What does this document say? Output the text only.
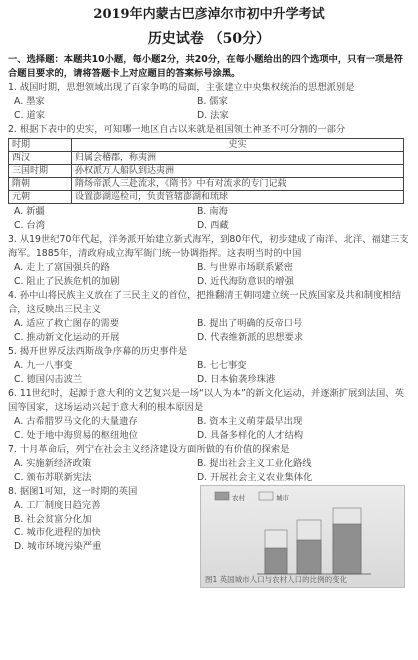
2019年内蒙古巴彦淖尔市初中升学考试
历史试卷 （50分）
一、选择题：本题共10小题，每小题2分，共20分，在每小题给出的四个选项中，只有一项是符合题目要求的，请将答题卡上对应题目的答案标号涂黑。
1. 战国时期，思想领域出现了百家争鸣的局面，主张建立中央集权统治的思想派别是
A. 墨家	B. 儒家
C. 道家	D. 法家
2. 根据下表中的史实，可知哪一地区自古以来就是祖国领土神圣不可分割的一部分
时期	史实
西汉	归属会稽郡，称夷洲
三国时期	孙权派万人船队到达夷洲
隋朝	隋炀帝派人三赴流求，《隋书》中有对流求的专门记载
元朝	设置澎湖巡检司，负责管辖澎湖和琉球
A. 新疆	B. 南海
C. 台湾	D. 西藏
3. 从19世纪70年代起，洋务派开始建立新式海军，到80年代，初步建成了南洋、北洋、福建三支海军。1885年，清政府成立海军衙门统一协调指挥。这表明当时的中国
A. 走上了富国强兵的路	B. 与世界市场联系紧密
C. 阻止了民族危机的加剧	D. 近代海防意识的增强
4. 孙中山将民族主义放在了三民主义的首位，把推翻清王朝同建立统一民族国家及共和制度相结合，这反映出三民主义
A. 适应了救亡图存的需要	B. 提出了明确的反帝口号
C. 推动新文化运动的开展	D. 代表维新派的思想要求
5. 揭开世界反法西斯战争序幕的历史事件是
A. 九一八事变	B. 七七事变
C. 德国闪击波兰	D. 日本偷袭珍珠港
6. 11世纪时，起源于意大利的文艺复兴是一场“以人为本”的新文化运动，并逐渐扩展到法国、英国等国家，这场运动兴起于意大利的根本原因是
A. 古希腊罗马文化的大量遗存	B. 资本主义萌芽最早出现
C. 处于地中海贸易的枢纽地位	D. 具备多样化的人才结构
7. 十月革命后，列宁在社会主义经济建设方面所做的有价值的探索是
A. 实施新经济政策	B. 提出社会主义工业化路线
C. 颁布苏联新宪法	D. 开展社会主义农业集体化
8. 据图1可知，这一时期的英国
A. 工厂制度日趋完善
B. 社会贫富分化加
C. 城市化进程的加快
D. 城市环境污染严重
农村	城市
图1 英国城市人口与农村人口的比例的变化
